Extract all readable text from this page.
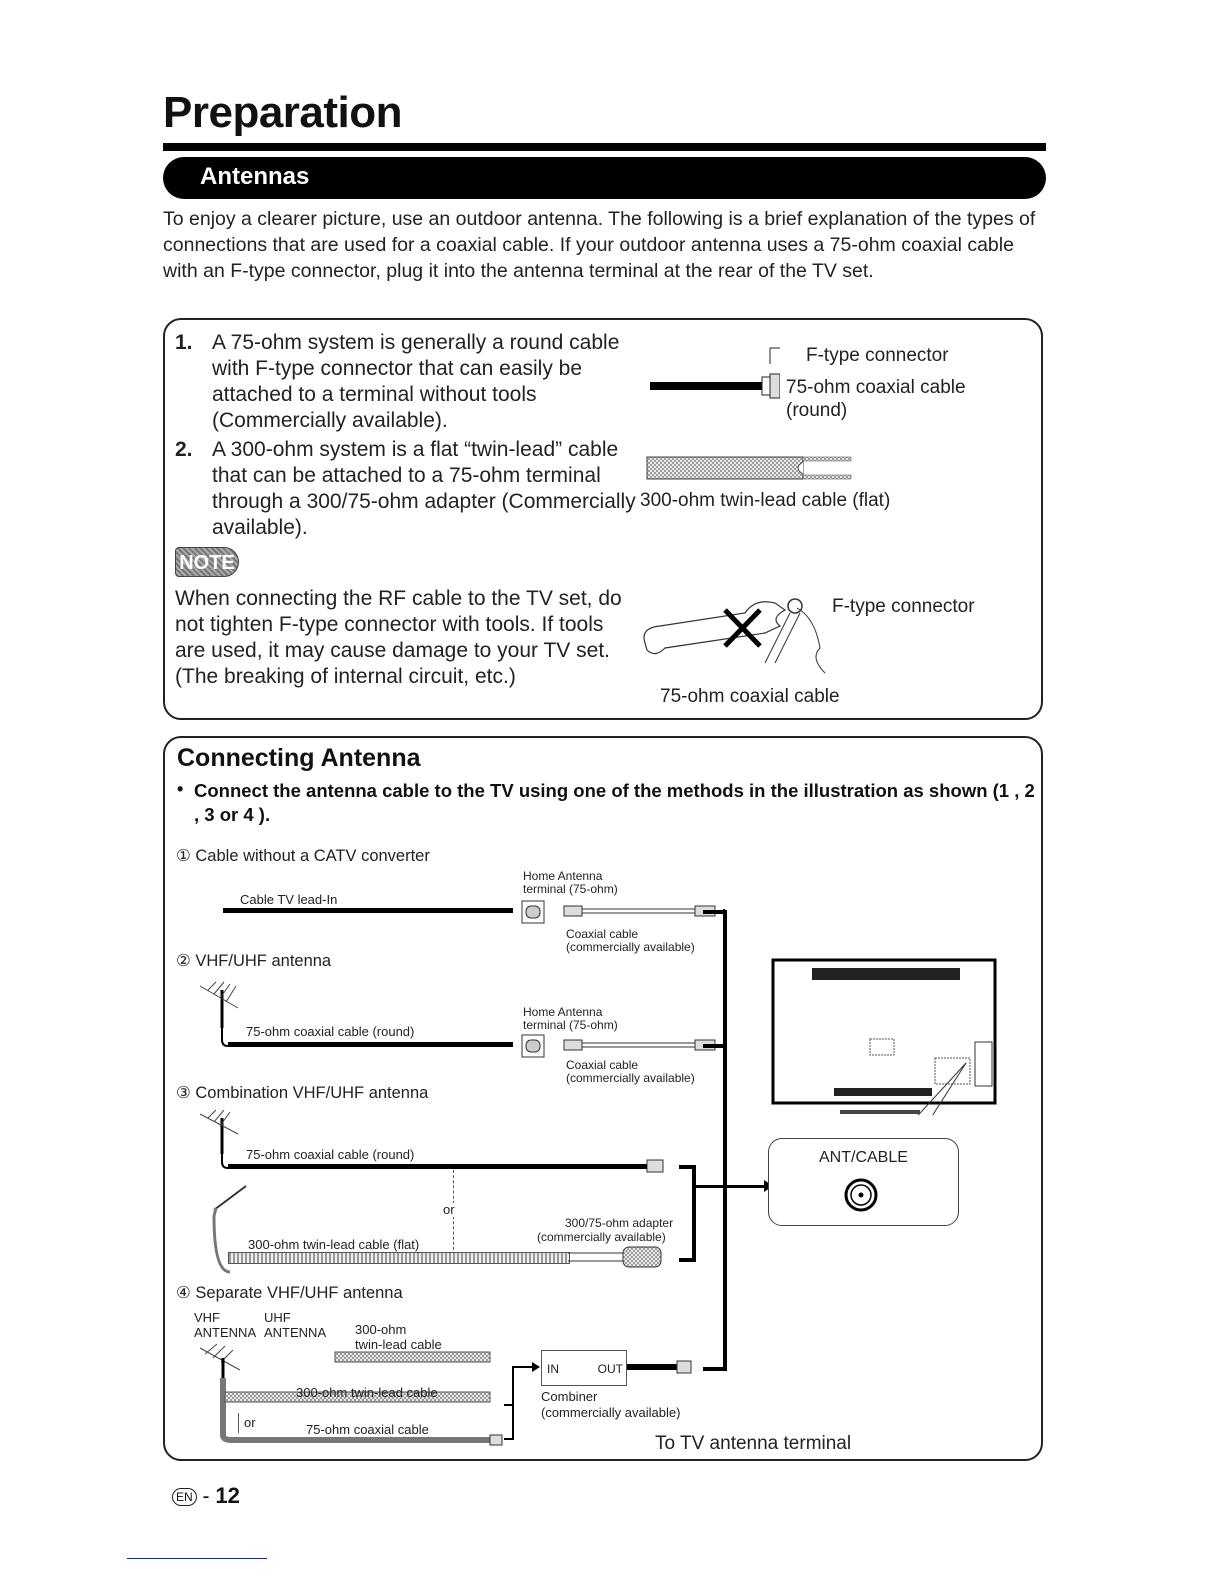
Preparation
Antennas
To enjoy a clearer picture, use an outdoor antenna. The following is a brief explanation of the types of connections that are used for a coaxial cable. If your outdoor antenna uses a 75-ohm coaxial cable with an F-type connector, plug it into the antenna terminal at the rear of the TV set.
1. A 75-ohm system is generally a round cable with F-type connector that can easily be attached to a terminal without tools (Commercially available).
2. A 300-ohm system is a flat “twin-lead” cable that can be attached to a 75-ohm terminal through a 300/75-ohm adapter (Commercially available).
F-type connector
75-ohm coaxial cable
(round)
300-ohm twin-lead cable (flat)
NOTE
When connecting the RF cable to the TV set, do not tighten F-type connector with tools. If tools are used, it may cause damage to your TV set. (The breaking of internal circuit, etc.)
F-type connector
75-ohm coaxial cable
Connecting Antenna
• Connect the antenna cable to the TV using one of the methods in the illustration as shown (1 , 2 , 3 or 4 ).
① Cable without a CATV converter
Cable TV lead-In
Home Antenna
terminal (75-ohm)
Coaxial cable
(commercially available)
② VHF/UHF antenna
75-ohm coaxial cable (round)
Home Antenna
terminal (75-ohm)
Coaxial cable
(commercially available)
③ Combination VHF/UHF antenna
75-ohm coaxial cable (round)
or
300/75-ohm adapter
(commercially available)
300-ohm twin-lead cable (flat)
④ Separate VHF/UHF antenna
VHF
ANTENNA
UHF
ANTENNA 300-ohm
twin-lead cable
300-ohm twin-lead cable
or	75-ohm coaxial cable
IN	OUT
Combiner
(commercially available)
ANT/CABLE
To TV antenna terminal
EN - 12
